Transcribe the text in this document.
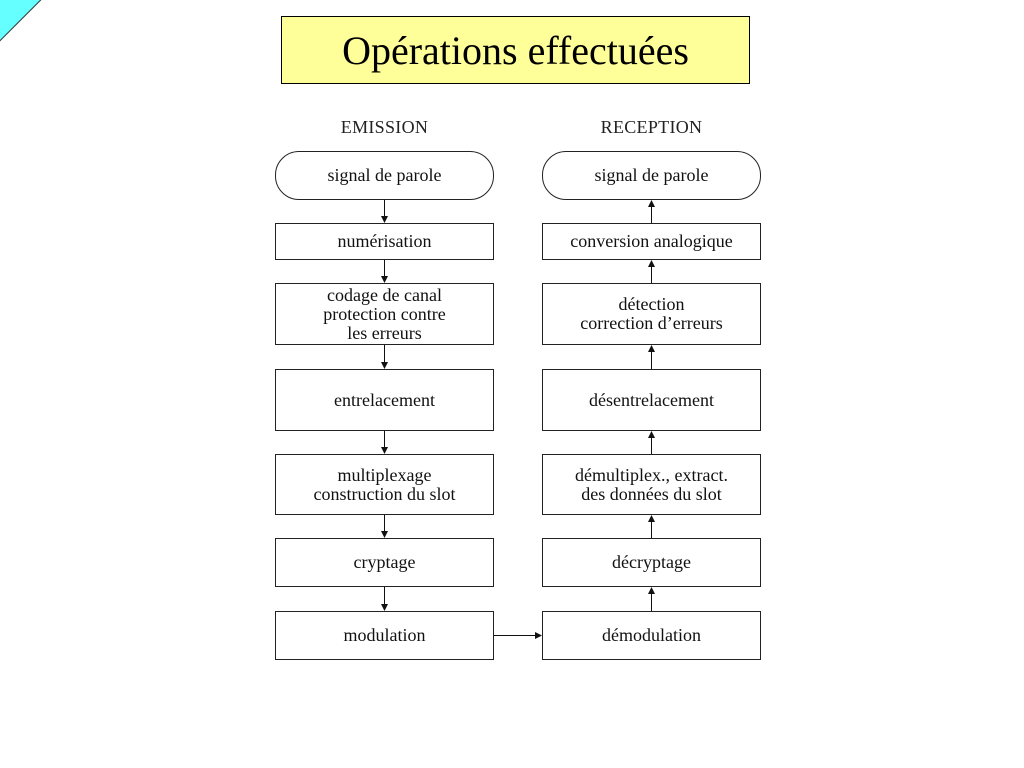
Opérations effectuées
EMISSION	RECEPTION
signal de parole
numérisation
codage de canal
protection contre
les erreurs
entrelacement
multiplexage
construction du slot
cryptage
modulation
signal de parole
conversion analogique
détection
correction d’erreurs
désentrelacement
démultiplex., extract.
des données du slot
décryptage
démodulation
